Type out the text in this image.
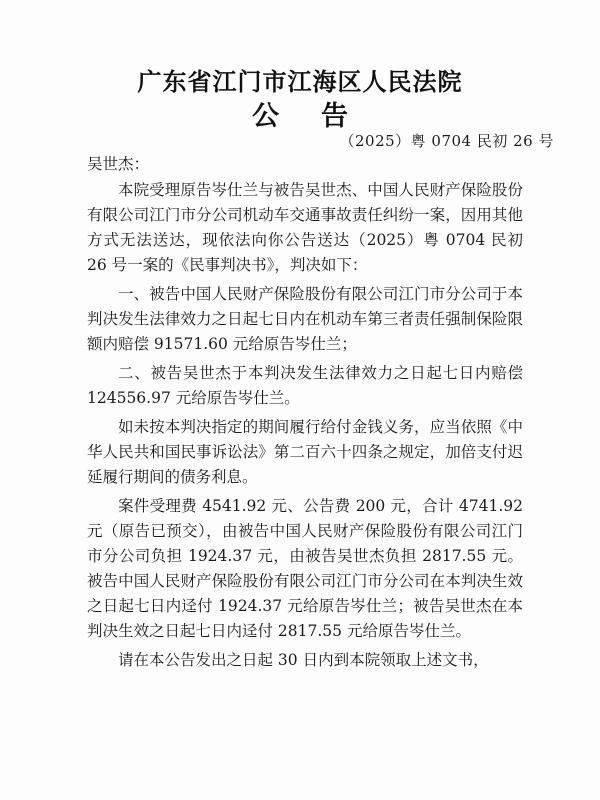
广东省江门市江海区人民法院
公告
（2025）粤 0704 民初 26 号
吴世杰：

本院受理原告岑仕兰与被告吴世杰、中国人民财产保险股份有限公司江门市分公司机动车交通事故责任纠纷一案，因用其他方式无法送达，现依法向你公告送达（2025）粤 0704 民初 26 号一案的《民事判决书》，判决如下：

一、被告中国人民财产保险股份有限公司江门市分公司于本判决发生法律效力之日起七日内在机动车第三者责任强制保险限额内赔偿 91571.60 元给原告岑仕兰；

二、被告吴世杰于本判决发生法律效力之日起七日内赔偿 124556.97 元给原告岑仕兰。

如未按本判决指定的期间履行给付金钱义务，应当依照《中华人民共和国民事诉讼法》第二百六十四条之规定，加倍支付迟延履行期间的债务利息。

案件受理费 4541.92 元、公告费 200 元，合计 4741.92 元（原告已预交），由被告中国人民财产保险股份有限公司江门市分公司负担 1924.37 元，由被告吴世杰负担 2817.55 元。被告中国人民财产保险股份有限公司江门市分公司在本判决生效之日起七日内迳付 1924.37 元给原告岑仕兰；被告吴世杰在本判决生效之日起七日内迳付 2817.55 元给原告岑仕兰。

请在本公告发出之日起 30 日内到本院领取上述文书，
